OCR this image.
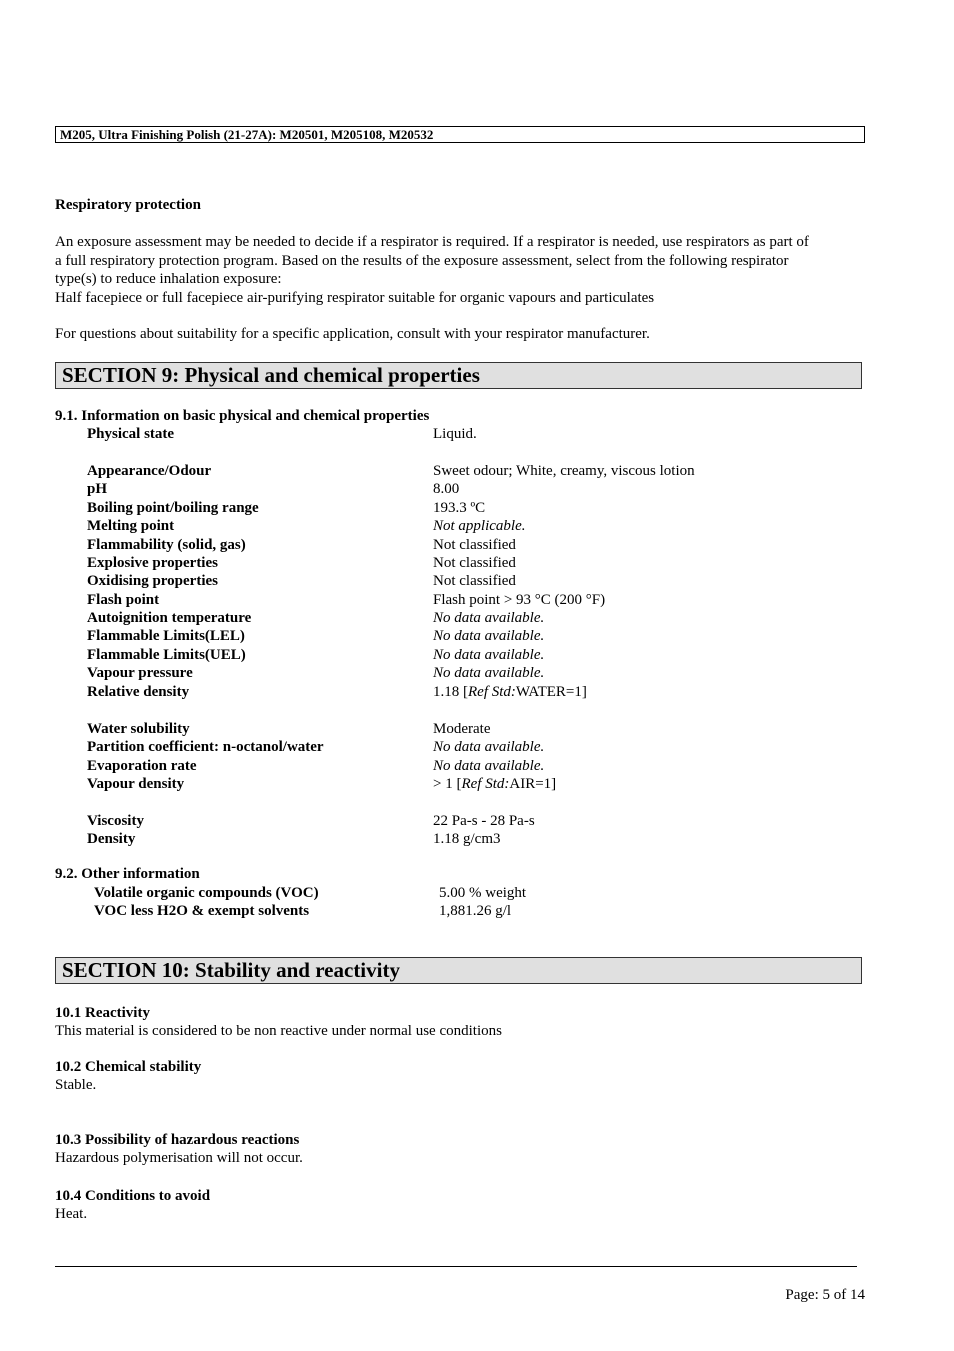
M205, Ultra Finishing Polish (21-27A): M20501, M205108, M20532
Respiratory protection
An exposure assessment may be needed to decide if a respirator is required. If a respirator is needed, use respirators as part of
a full respiratory protection program. Based on the results of the exposure assessment, select from the following respirator
type(s) to reduce inhalation exposure:
Half facepiece or full facepiece air-purifying respirator suitable for organic vapours and particulates
For questions about suitability for a specific application, consult with your respirator manufacturer.
SECTION 9: Physical and chemical properties
9.1. Information on basic physical and chemical properties
Physical state	Liquid.
Appearance/Odour	Sweet odour; White, creamy, viscous lotion
pH	8.00
Boiling point/boiling range	193.3 ºC
Melting point	Not applicable.
Flammability (solid, gas)	Not classified
Explosive properties	Not classified
Oxidising properties	Not classified
Flash point	Flash point > 93 °C (200 °F)
Autoignition temperature	No data available.
Flammable Limits(LEL)	No data available.
Flammable Limits(UEL)	No data available.
Vapour pressure	No data available.
Relative density	1.18 [Ref Std:WATER=1]
Water solubility	Moderate
Partition coefficient: n-octanol/water	No data available.
Evaporation rate	No data available.
Vapour density	> 1 [Ref Std:AIR=1]
Viscosity	22 Pa-s - 28 Pa-s
Density	1.18 g/cm3
9.2. Other information
Volatile organic compounds (VOC)	5.00 % weight
VOC less H2O & exempt solvents	1,881.26 g/l
SECTION 10: Stability and reactivity
10.1 Reactivity
This material is considered to be non reactive under normal use conditions
10.2 Chemical stability
Stable.
10.3 Possibility of hazardous reactions
Hazardous polymerisation will not occur.
10.4 Conditions to avoid
Heat.
Page: 5 of 14
